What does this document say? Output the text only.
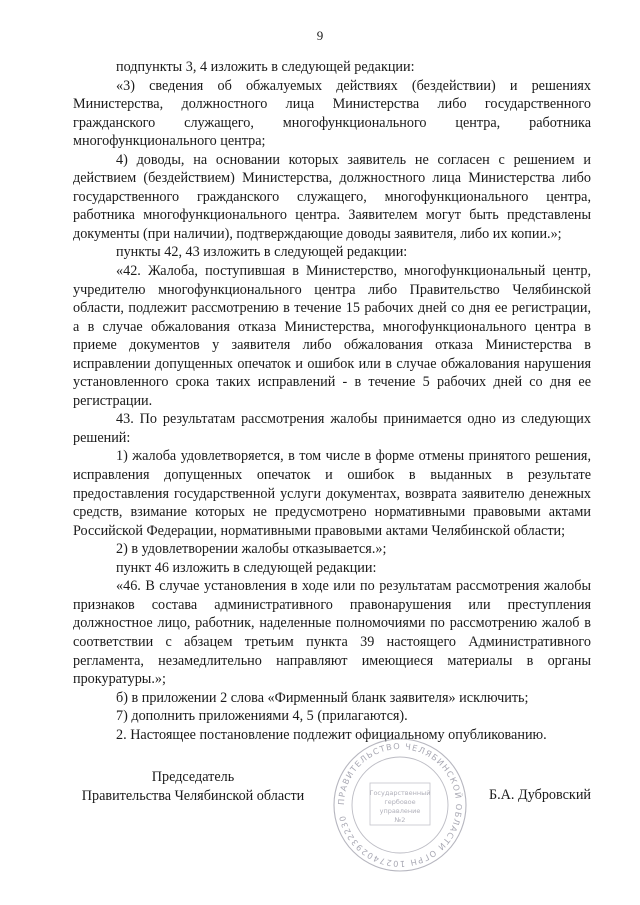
9

подпункты 3, 4 изложить в следующей редакции:

«3) сведения об обжалуемых действиях (бездействии) и решениях Министерства, должностного лица Министерства либо государственного гражданского служащего, многофункционального центра, работника многофункционального центра;

4) доводы, на основании которых заявитель не согласен с решением и действием (бездействием) Министерства, должностного лица Министерства либо государственного гражданского служащего, многофункционального центра, работника многофункционального центра. Заявителем могут быть представлены документы (при наличии), подтверждающие доводы заявителя, либо их копии.»;

пункты 42, 43 изложить в следующей редакции:

«42. Жалоба, поступившая в Министерство, многофункциональный центр, учредителю многофункционального центра либо Правительство Челябинской области, подлежит рассмотрению в течение 15 рабочих дней со дня ее регистрации, а в случае обжалования отказа Министерства, многофункционального центра в приеме документов у заявителя либо обжалования отказа Министерства в исправлении допущенных опечаток и ошибок или в случае обжалования нарушения установленного срока таких исправлений - в течение 5 рабочих дней со дня ее регистрации.

43. По результатам рассмотрения жалобы принимается одно из следующих решений:

1) жалоба удовлетворяется, в том числе в форме отмены принятого решения, исправления допущенных опечаток и ошибок в выданных в результате предоставления государственной услуги документах, возврата заявителю денежных средств, взимание которых не предусмотрено нормативными правовыми актами Российской Федерации, нормативными правовыми актами Челябинской области;

2) в удовлетворении жалобы отказывается.»;

пункт 46 изложить в следующей редакции:

«46. В случае установления в ходе или по результатам рассмотрения жалобы признаков состава административного правонарушения или преступления должностное лицо, работник, наделенные полномочиями по рассмотрению жалоб в соответствии с абзацем третьим пункта 39 настоящего Административного регламента, незамедлительно направляют имеющиеся материалы в органы прокуратуры.»;

б) в приложении 2 слова «Фирменный бланк заявителя» исключить;

7) дополнить приложениями 4, 5 (прилагаются).

2. Настоящее постановление подлежит официальному опубликованию.

Председатель
Правительства Челябинской области	Б.А. Дубровский
ПРАВИТЕЛЬСТВО ЧЕЛЯБИНСКОЙ ОБЛАСТИ ОГРН 1027402932230
Государственный
гербовое
управление
№2
